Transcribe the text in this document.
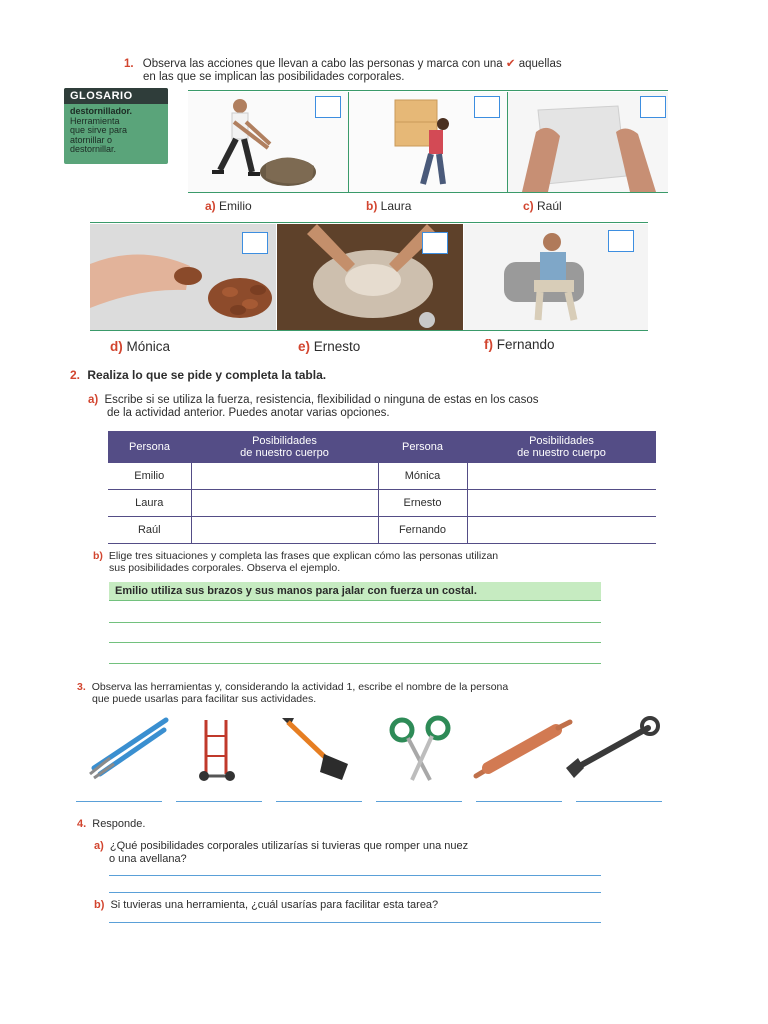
1. Observa las acciones que llevan a cabo las personas y marca con una ✔ aquellas
en las que se implican las posibilidades corporales.
GLOSARIO
destornillador.
Herramienta
que sirve para
atornillar o
destornillar.
a) Emilio	b) Laura	c) Raúl
d) Mónica	e) Ernesto	f) Fernando
2. Realiza lo que se pide y completa la tabla.
a) Escribe si se utiliza la fuerza, resistencia, flexibilidad o ninguna de estas en los casos
de la actividad anterior. Puedes anotar varias opciones.
Persona	Posibilidades
de nuestro cuerpo	Persona	Posibilidades
de nuestro cuerpo
Emilio		Mónica	
Laura		Ernesto	
Raúl		Fernando	
b) Elige tres situaciones y completa las frases que explican cómo las personas utilizan
sus posibilidades corporales. Observa el ejemplo.
Emilio utiliza sus brazos y sus manos para jalar con fuerza un costal.
3. Observa las herramientas y, considerando la actividad 1, escribe el nombre de la persona
que puede usarlas para facilitar sus actividades.
4. Responde.
a) ¿Qué posibilidades corporales utilizarías si tuvieras que romper una nuez
o una avellana?
b) Si tuvieras una herramienta, ¿cuál usarías para facilitar esta tarea?
